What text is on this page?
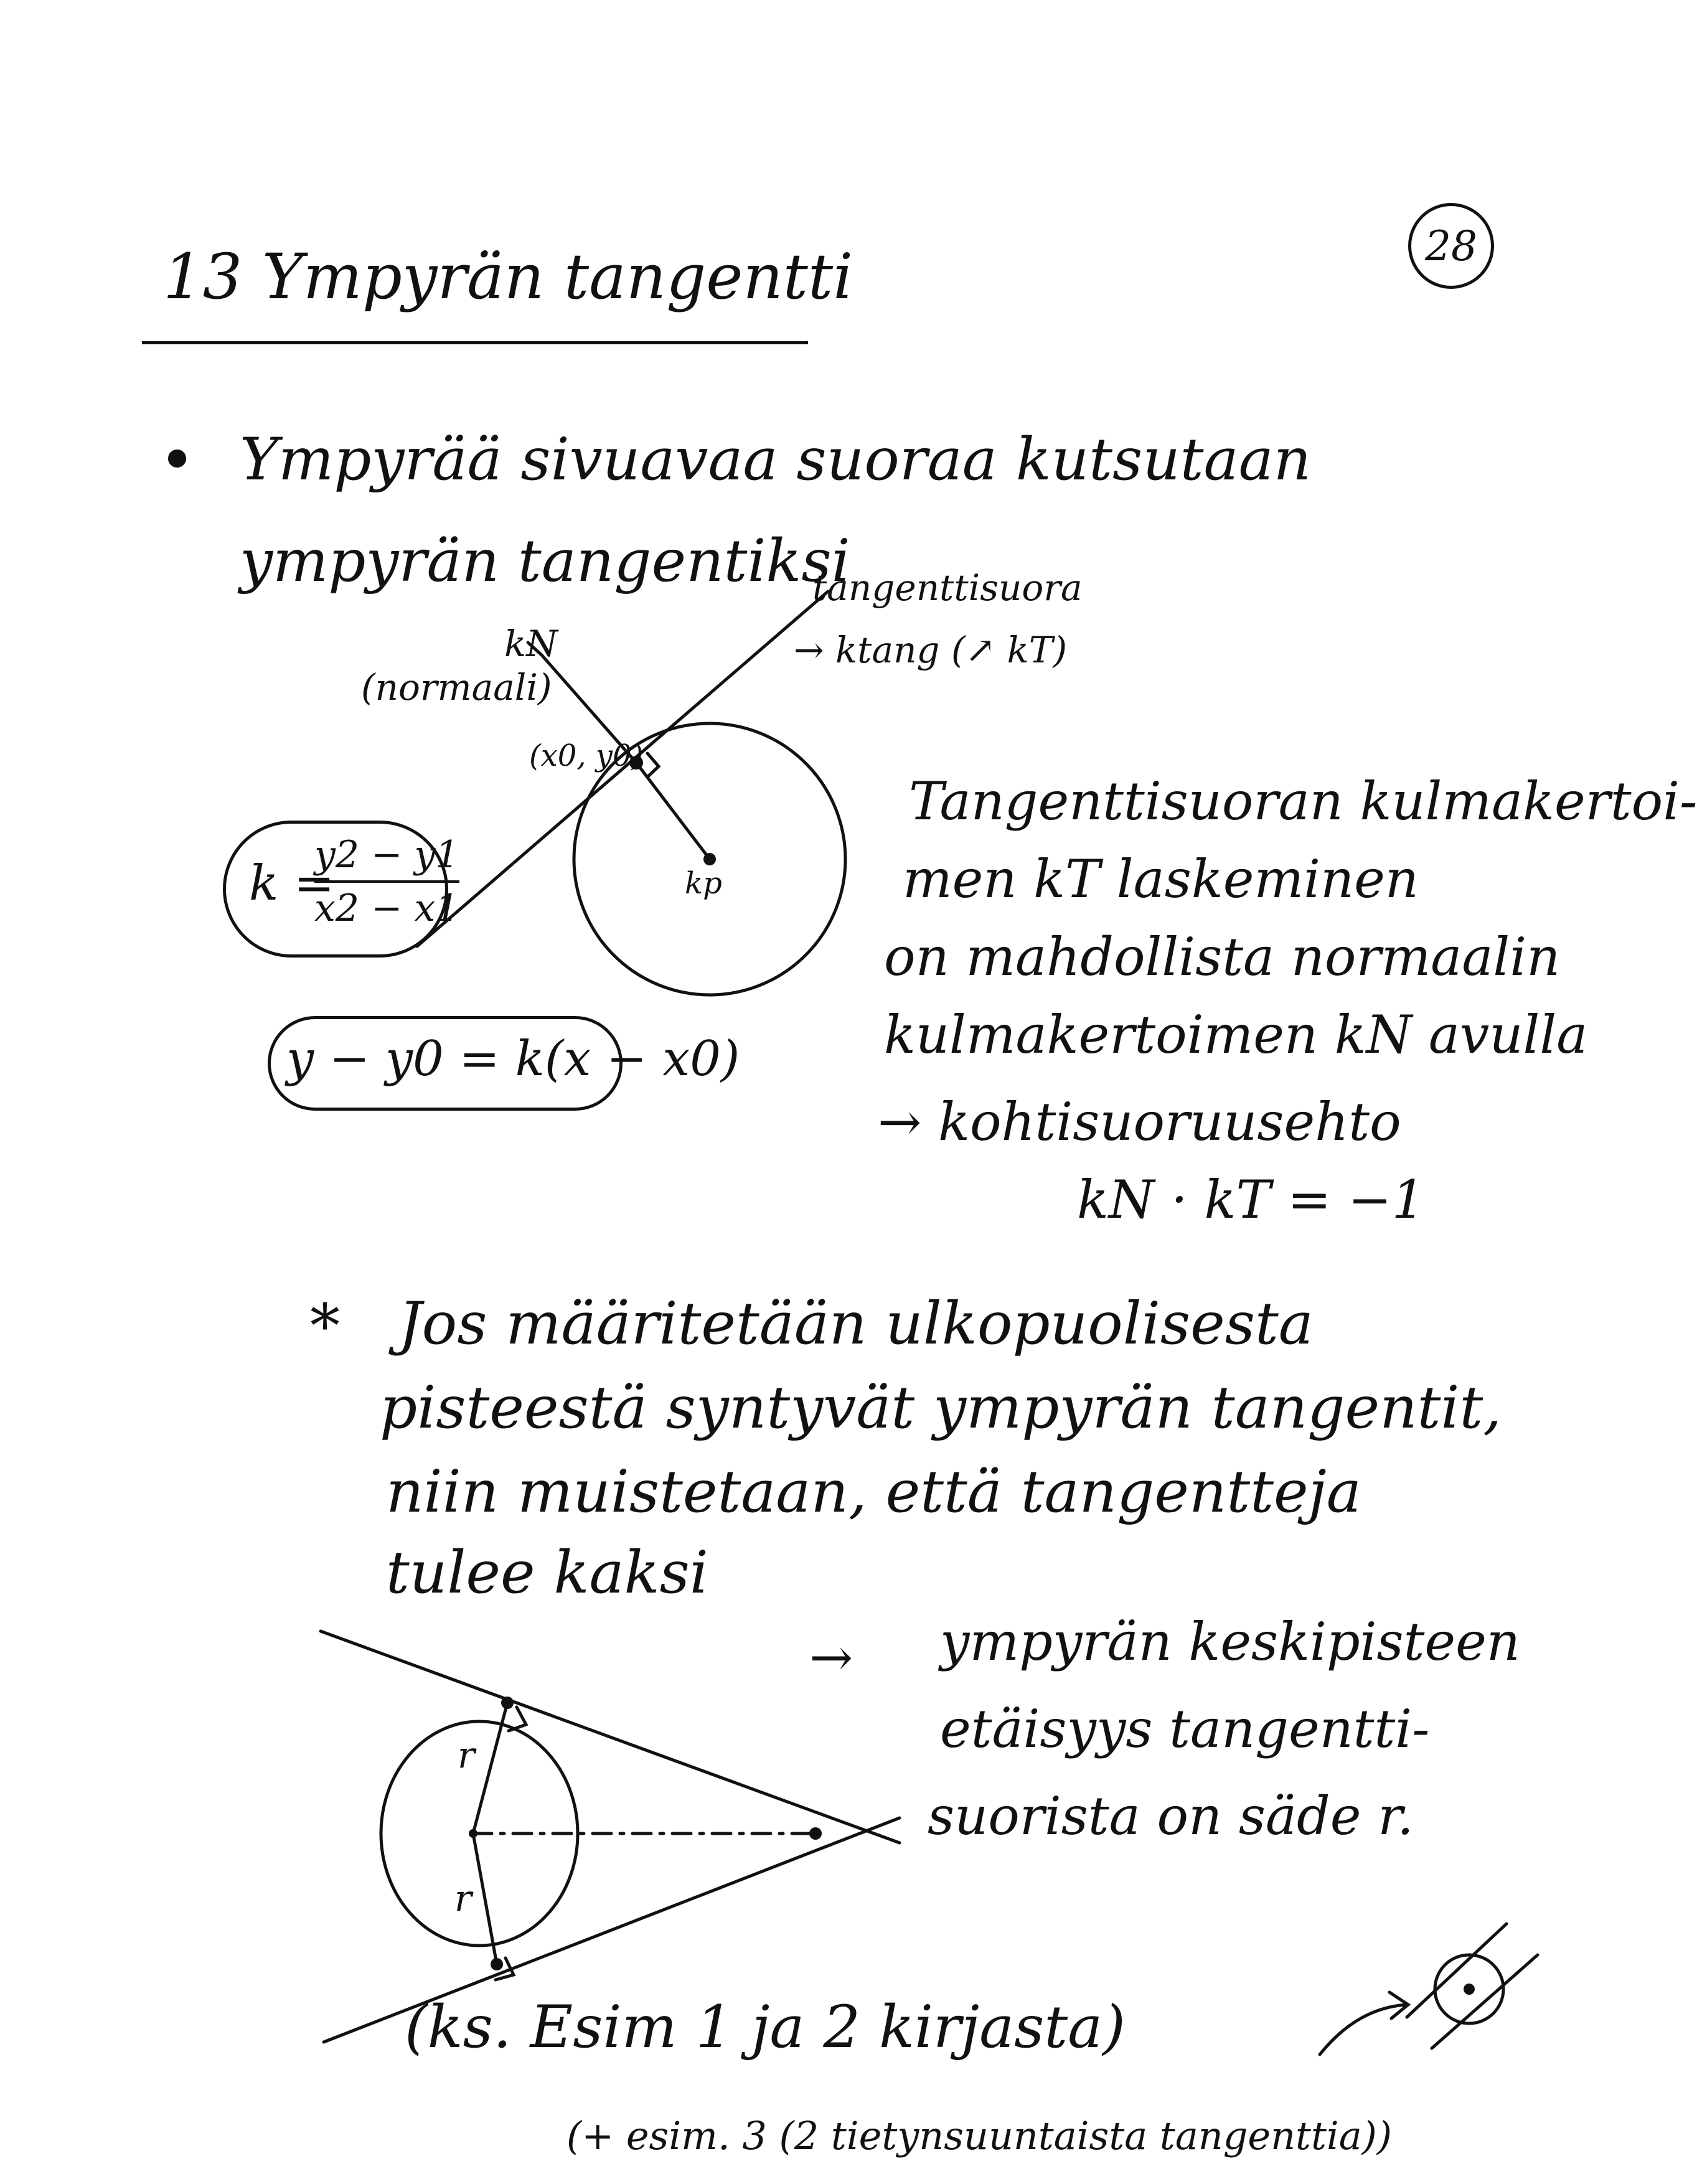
28
13 Ympyrän tangentti
• Ympyrää sivuavaa suoraa kutsutaan
ympyrän tangentiksi
tangenttisuora
→ ktang (↗ kT)
kN
(normaali)
(x0, y0)
kp
k =
y2 − y1
x2 − x1
y − y0 = k(x − x0)
Tangenttisuoran kulmakertoi-
men kT laskeminen
on mahdollista normaalin
kulmakertoimen kN avulla
→ kohtisuoruusehto
kN · kT = −1
* Jos määritetään ulkopuolisesta
pisteestä syntyvät ympyrän tangentit,
niin muistetaan, että tangentteja
tulee kaksi
r
r
→ ympyrän keskipisteen
etäisyys tangentti-
suorista on säde r.
(ks. Esim 1 ja 2 kirjasta)
(+ esim. 3 (2 tietynsuuntaista tangenttia))
